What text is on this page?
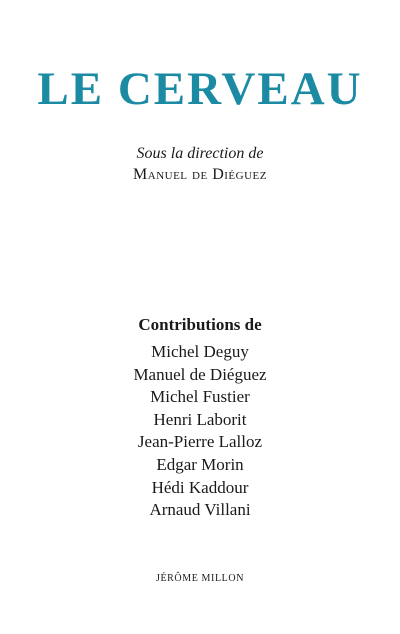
LE CERVEAU
Sous la direction de
Manuel de Diéguez
Contributions de
Michel Deguy
Manuel de Diéguez
Michel Fustier
Henri Laborit
Jean-Pierre Lalloz
Edgar Morin
Hédi Kaddour
Arnaud Villani
JÉRÔME MILLON
